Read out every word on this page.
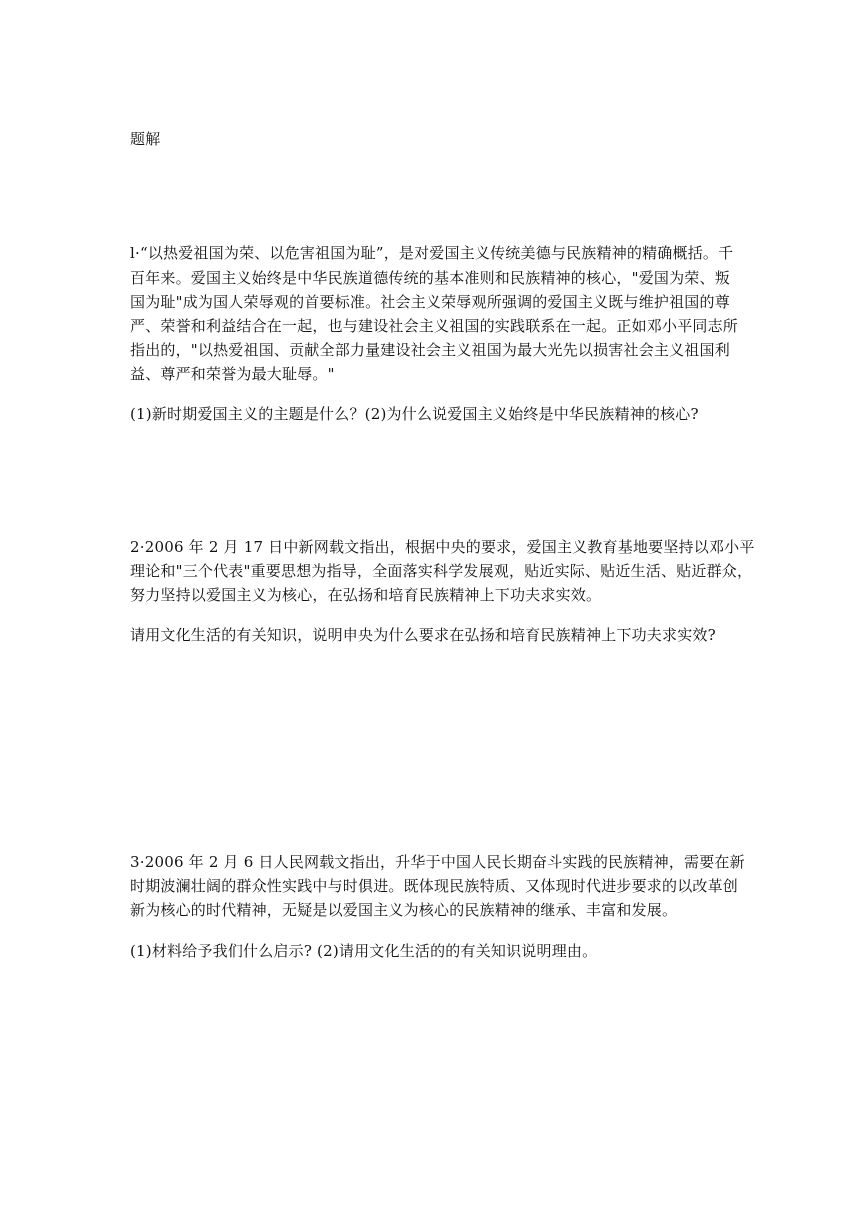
题解
l·“以热爱祖国为荣、以危害祖国为耻”，是对爱国主义传统美德与民族精神的精确概括。千
百年来。爱国主义始终是中华民族道德传统的基本准则和民族精神的核心，"爱国为荣、叛
国为耻"成为国人荣辱观的首要标准。社会主义荣辱观所强调的爱国主义既与维护祖国的尊
严、荣誉和利益结合在一起，也与建设社会主义祖国的实践联系在一起。正如邓小平同志所
指出的，"以热爱祖国、贡献全部力量建设社会主义祖国为最大光先以损害社会主义祖国利
益、尊严和荣誉为最大耻辱。"
(1)新时期爱国主义的主题是什么？(2)为什么说爱国主义始终是中华民族精神的核心?
2·2006 年 2 月 17 日中新网载文指出，根据中央的要求，爱国主义教育基地要坚持以邓小平
理论和"三个代表"重要思想为指导，全面落实科学发展观，贴近实际、贴近生活、贴近群众，
努力坚持以爱国主义为核心，在弘扬和培育民族精神上下功夫求实效。
请用文化生活的有关知识，说明申央为什么要求在弘扬和培育民族精神上下功夫求实效?
3·2006 年 2 月 6 日人民网载文指出，升华于中国人民长期奋斗实践的民族精神，需要在新
时期波澜壮阔的群众性实践中与时俱进。既体现民族特质、又体现时代进步要求的以改革创
新为核心的时代精神，无疑是以爱国主义为核心的民族精神的继承、丰富和发展。
(1)材料给予我们什么启示? (2)请用文化生活的的有关知识说明理由。
